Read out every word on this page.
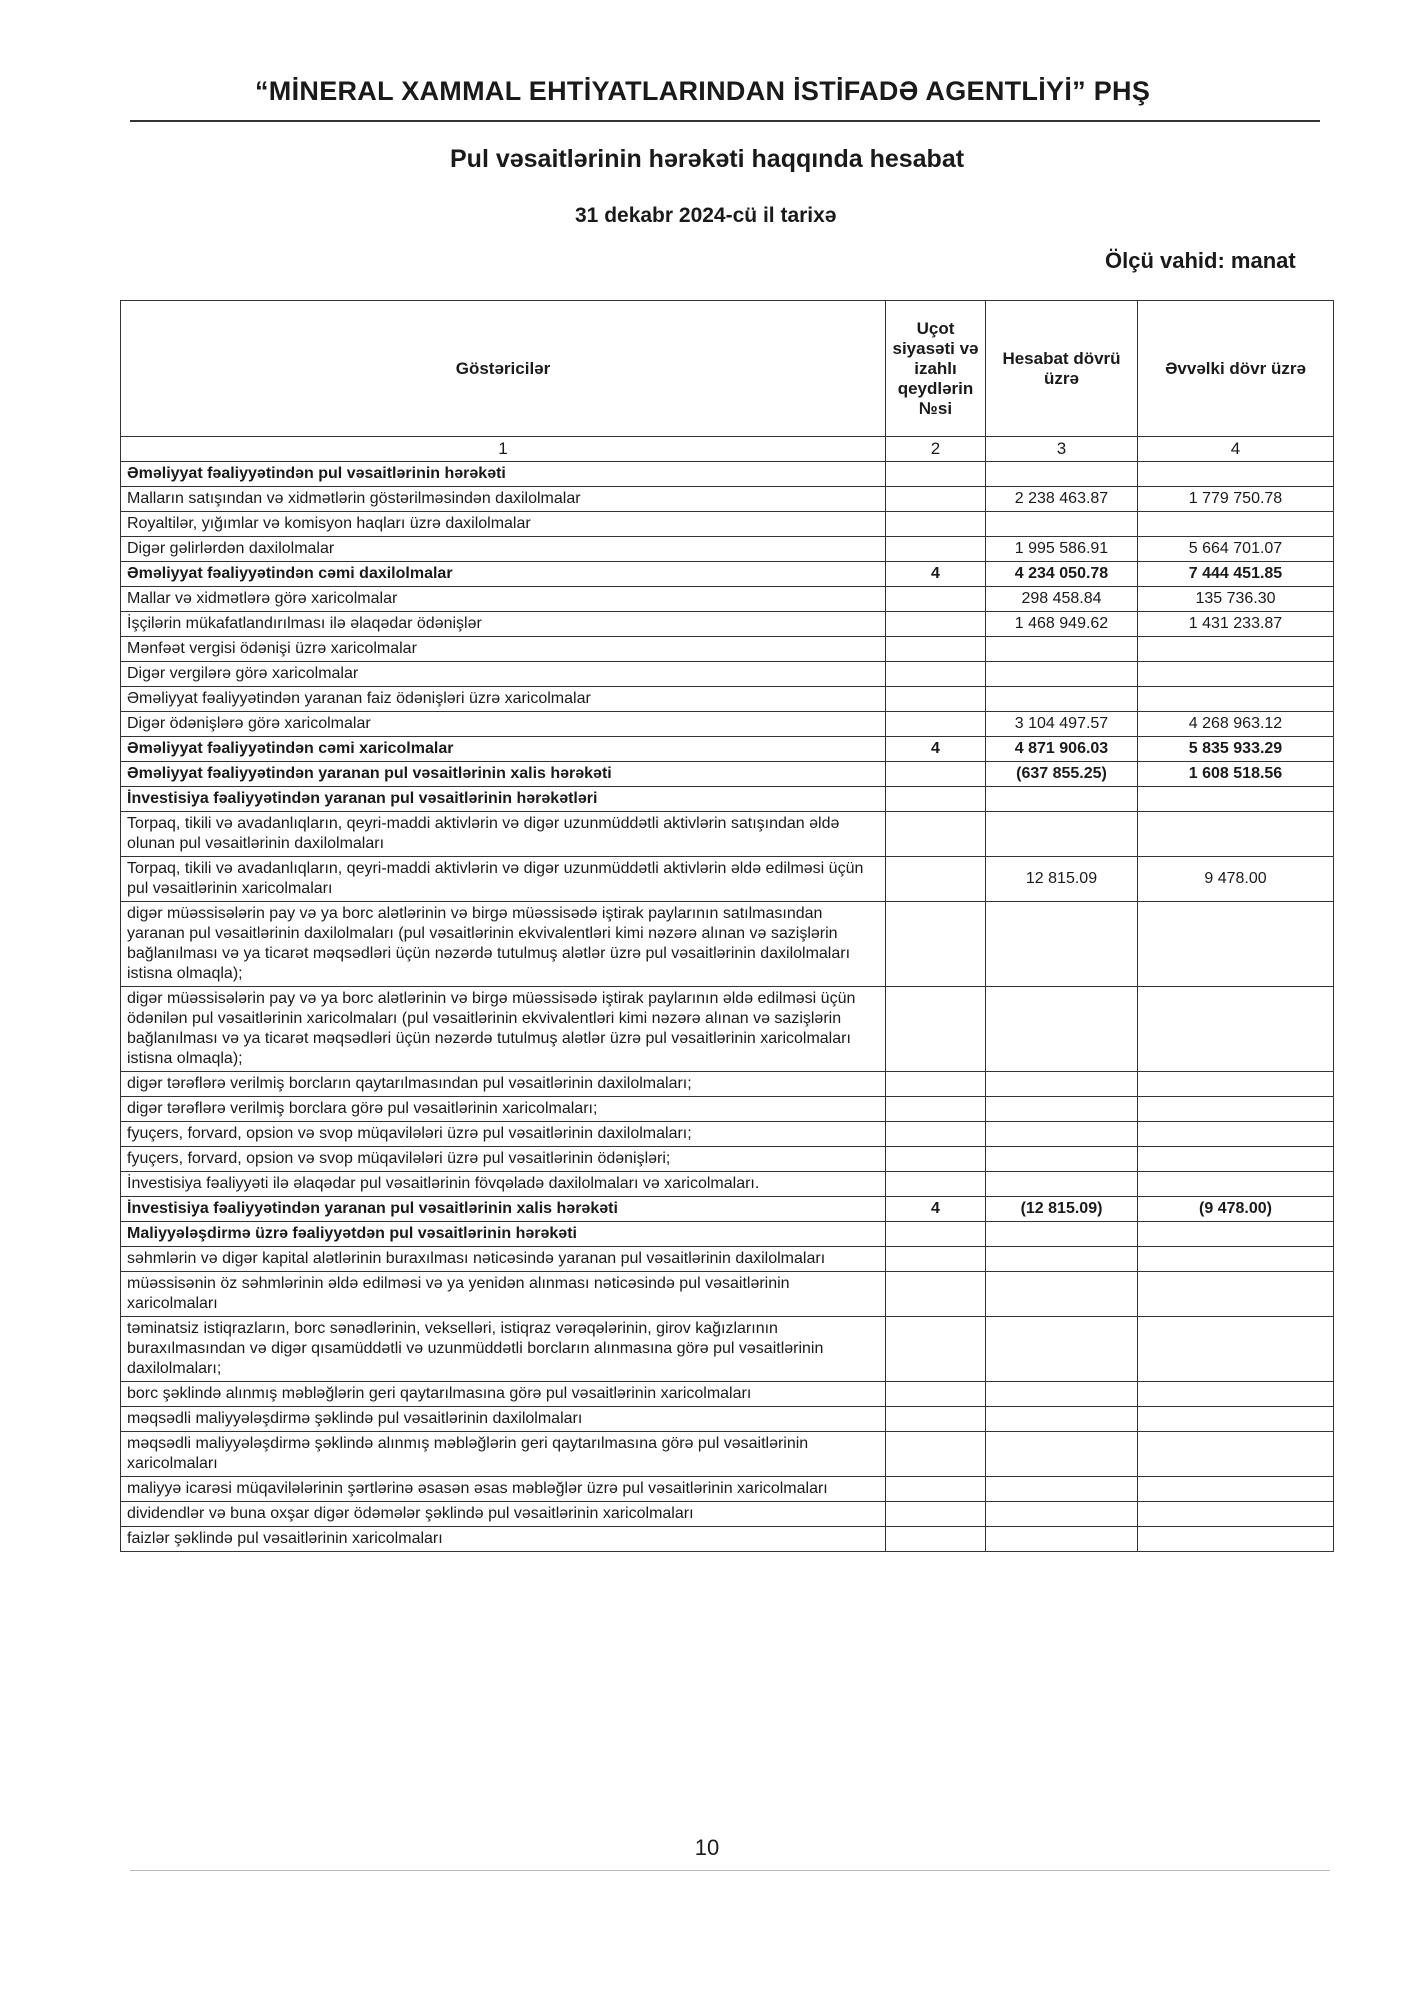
“MİNERAL XAMMAL EHTİYATLARINDAN İSTİFADƏ AGENTLİYİ” PHŞ
Pul vəsaitlərinin hərəkəti haqqında hesabat
31 dekabr 2024-cü il tarixə
Ölçü vahid: manat
Göstəricilər	Uçot siyasəti və izahlı qeydlərin №si	Hesabat dövrü üzrə	Əvvəlki dövr üzrə
1	2	3	4
Əməliyyat fəaliyyətindən pul vəsaitlərinin hərəkəti			
Malların satışından və xidmətlərin göstərilməsindən daxilolmalar		2 238 463.87	1 779 750.78
Royaltilər, yığımlar və komisyon haqları üzrə daxilolmalar			
Digər gəlirlərdən daxilolmalar		1 995 586.91	5 664 701.07
Əməliyyat fəaliyyətindən cəmi daxilolmalar	4	4 234 050.78	7 444 451.85
Mallar və xidmətlərə görə xaricolmalar		298 458.84	135 736.30
İşçilərin mükafatlandırılması ilə əlaqədar ödənişlər		1 468 949.62	1 431 233.87
Mənfəət vergisi ödənişi üzrə xaricolmalar			
Digər vergilərə görə xaricolmalar			
Əməliyyat fəaliyyətindən yaranan faiz ödənişləri üzrə xaricolmalar			
Digər ödənişlərə görə xaricolmalar		3 104 497.57	4 268 963.12
Əməliyyat fəaliyyətindən cəmi xaricolmalar	4	4 871 906.03	5 835 933.29
Əməliyyat fəaliyyətindən yaranan pul vəsaitlərinin xalis hərəkəti		(637 855.25)	1 608 518.56
İnvestisiya fəaliyyətindən yaranan pul vəsaitlərinin hərəkətləri			
Torpaq, tikili və avadanlıqların, qeyri-maddi aktivlərin və digər uzunmüddətli aktivlərin satışından əldə olunan pul vəsaitlərinin daxilolmaları			
Torpaq, tikili və avadanlıqların, qeyri-maddi aktivlərin və digər uzunmüddətli aktivlərin əldə edilməsi üçün pul vəsaitlərinin xaricolmaları		12 815.09	9 478.00
digər müəssisələrin pay və ya borc alətlərinin və birgə müəssisədə iştirak paylarının satılmasından yaranan pul vəsaitlərinin daxilolmaları (pul vəsaitlərinin ekvivalentləri kimi nəzərə alınan və sazişlərin bağlanılması və ya ticarət məqsədləri üçün nəzərdə tutulmuş alətlər üzrə pul vəsaitlərinin daxilolmaları istisna olmaqla);			
digər müəssisələrin pay və ya borc alətlərinin və birgə müəssisədə iştirak paylarının əldə edilməsi üçün ödənilən pul vəsaitlərinin xaricolmaları (pul vəsaitlərinin ekvivalentləri kimi nəzərə alınan və sazişlərin bağlanılması və ya ticarət məqsədləri üçün nəzərdə tutulmuş alətlər üzrə pul vəsaitlərinin xaricolmaları istisna olmaqla);			
digər tərəflərə verilmiş borcların qaytarılmasından pul vəsaitlərinin daxilolmaları;			
digər tərəflərə verilmiş borclara görə pul vəsaitlərinin xaricolmaları;			
fyuçers, forvard, opsion və svop müqavilələri üzrə pul vəsaitlərinin daxilolmaları;			
fyuçers, forvard, opsion və svop müqavilələri üzrə pul vəsaitlərinin ödənişləri;			
İnvestisiya fəaliyyəti ilə əlaqədar pul vəsaitlərinin fövqəladə daxilolmaları və xaricolmaları.			
İnvestisiya fəaliyyətindən yaranan pul vəsaitlərinin xalis hərəkəti	4	(12 815.09)	(9 478.00)
Maliyyələşdirmə üzrə fəaliyyətdən pul vəsaitlərinin hərəkəti			
səhmlərin və digər kapital alətlərinin buraxılması nəticəsində yaranan pul vəsaitlərinin daxilolmaları			
müəssisənin öz səhmlərinin əldə edilməsi və ya yenidən alınması nəticəsində pul vəsaitlərinin xaricolmaları			
təminatsiz istiqrazların, borc sənədlərinin, vekselləri, istiqraz vərəqələrinin, girov kağızlarının buraxılmasından və digər qısamüddətli və uzunmüddətli borcların alınmasına görə pul vəsaitlərinin daxilolmaları;			
borc şəklində alınmış məbləğlərin geri qaytarılmasına görə pul vəsaitlərinin xaricolmaları			
məqsədli maliyyələşdirmə şəklində pul vəsaitlərinin daxilolmaları			
məqsədli maliyyələşdirmə şəklində alınmış məbləğlərin geri qaytarılmasına görə pul vəsaitlərinin xaricolmaları			
maliyyə icarəsi müqavilələrinin şərtlərinə əsasən əsas məbləğlər üzrə pul vəsaitlərinin xaricolmaları			
dividendlər və buna oxşar digər ödəmələr şəklində pul vəsaitlərinin xaricolmaları			
faizlər şəklində pul vəsaitlərinin xaricolmaları			
10
